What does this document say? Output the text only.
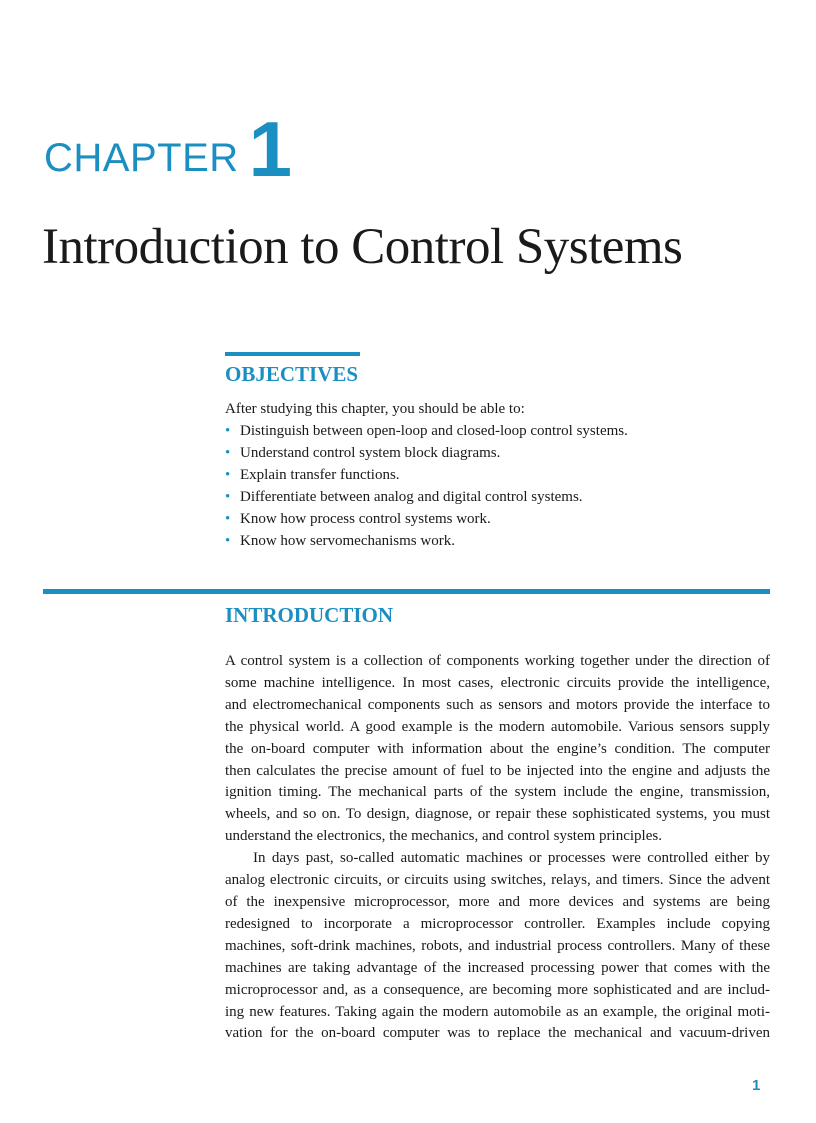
CHAPTER 1
Introduction to Control Systems
OBJECTIVES

After studying this chapter, you should be able to:

• Distinguish between open-loop and closed-loop control systems.
• Understand control system block diagrams.
• Explain transfer functions.
• Differentiate between analog and digital control systems.
• Know how process control systems work.
• Know how servomechanisms work.
INTRODUCTION

A control system is a collection of components working together under the direction of

some machine intelligence. In most cases, electronic circuits provide the intelligence,

and electromechanical components such as sensors and motors provide the interface to

the physical world. A good example is the modern automobile. Various sensors supply

the on-board computer with information about the engine’s condition. The computer

then calculates the precise amount of fuel to be injected into the engine and adjusts the

ignition timing. The mechanical parts of the system include the engine, transmission,

wheels, and so on. To design, diagnose, or repair these sophisticated systems, you must

understand the electronics, the mechanics, and control system principles.

In days past, so-called automatic machines or processes were controlled either by

analog electronic circuits, or circuits using switches, relays, and timers. Since the advent

of the inexpensive microprocessor, more and more devices and systems are being

redesigned to incorporate a microprocessor controller. Examples include copying

machines, soft-drink machines, robots, and industrial process controllers. Many of these

machines are taking advantage of the increased processing power that comes with the

microprocessor and, as a consequence, are becoming more sophisticated and are includ-

ing new features. Taking again the modern automobile as an example, the original moti-

vation for the on-board computer was to replace the mechanical and vacuum-driven

1
